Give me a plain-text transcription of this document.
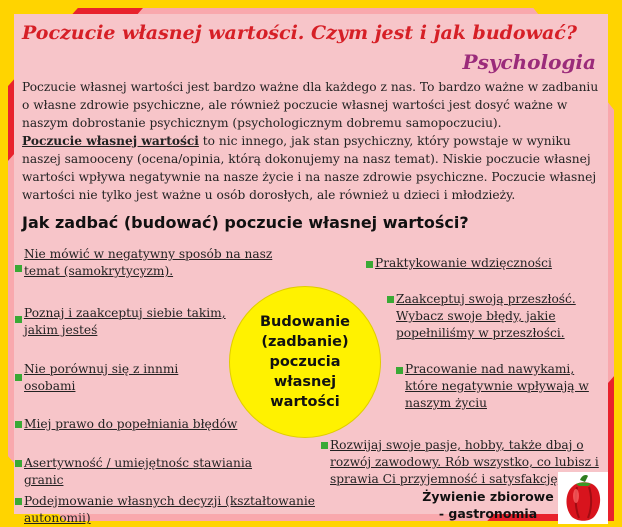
Poczucie własnej wartości. Czym jest i jak budować?
Psychologia
Poczucie własnej wartości jest bardzo ważne dla każdego z nas. To bardzo ważne w zadbaniu o własne zdrowie psychiczne, ale również poczucie własnej wartości jest dosyć ważne w naszym dobrostanie psychicznym (psychologicznym dobremu samopoczuciu).
Poczucie własnej wartości to nic innego, jak stan psychiczny, który powstaje w wyniku naszej samooceny (ocena/opinia, którą dokonujemy na nasz temat). Niskie poczucie własnej wartości wpływa negatywnie na nasze życie i na nasze zdrowie psychiczne. Poczucie własnej wartości nie tylko jest ważne u osób dorosłych, ale również u dzieci i młodzieży.
Jak zadbać (budować) poczucie własnej wartości?
Nie mówić w negatywny sposób na nasz temat (samokrytycyzm).
Poznaj i zaakceptuj siebie takim, jakim jesteś
Nie porównuj się z innmi osobami
Miej prawo do popełniania błędów
Asertywność / umiejętnośc stawiania granic
Podejmowanie własnych decyzji (kształtowanie autonomii)
Budowanie (zadbanie) poczucia własnej wartości
Praktykowanie wdzięczności
Zaakceptuj swoją przeszłość. Wybacz swoje błędy, jakie popełniliśmy w przeszłości.
Pracowanie nad nawykami, które negatywnie wpływają w naszym życiu
Rozwijaj swoje pasje, hobby, także dbaj o rozwój zawodowy. Rób wszystko, co lubisz i sprawia Ci przyjemność i satysfakcję
Żywienie zbiorowe - gastronomia
